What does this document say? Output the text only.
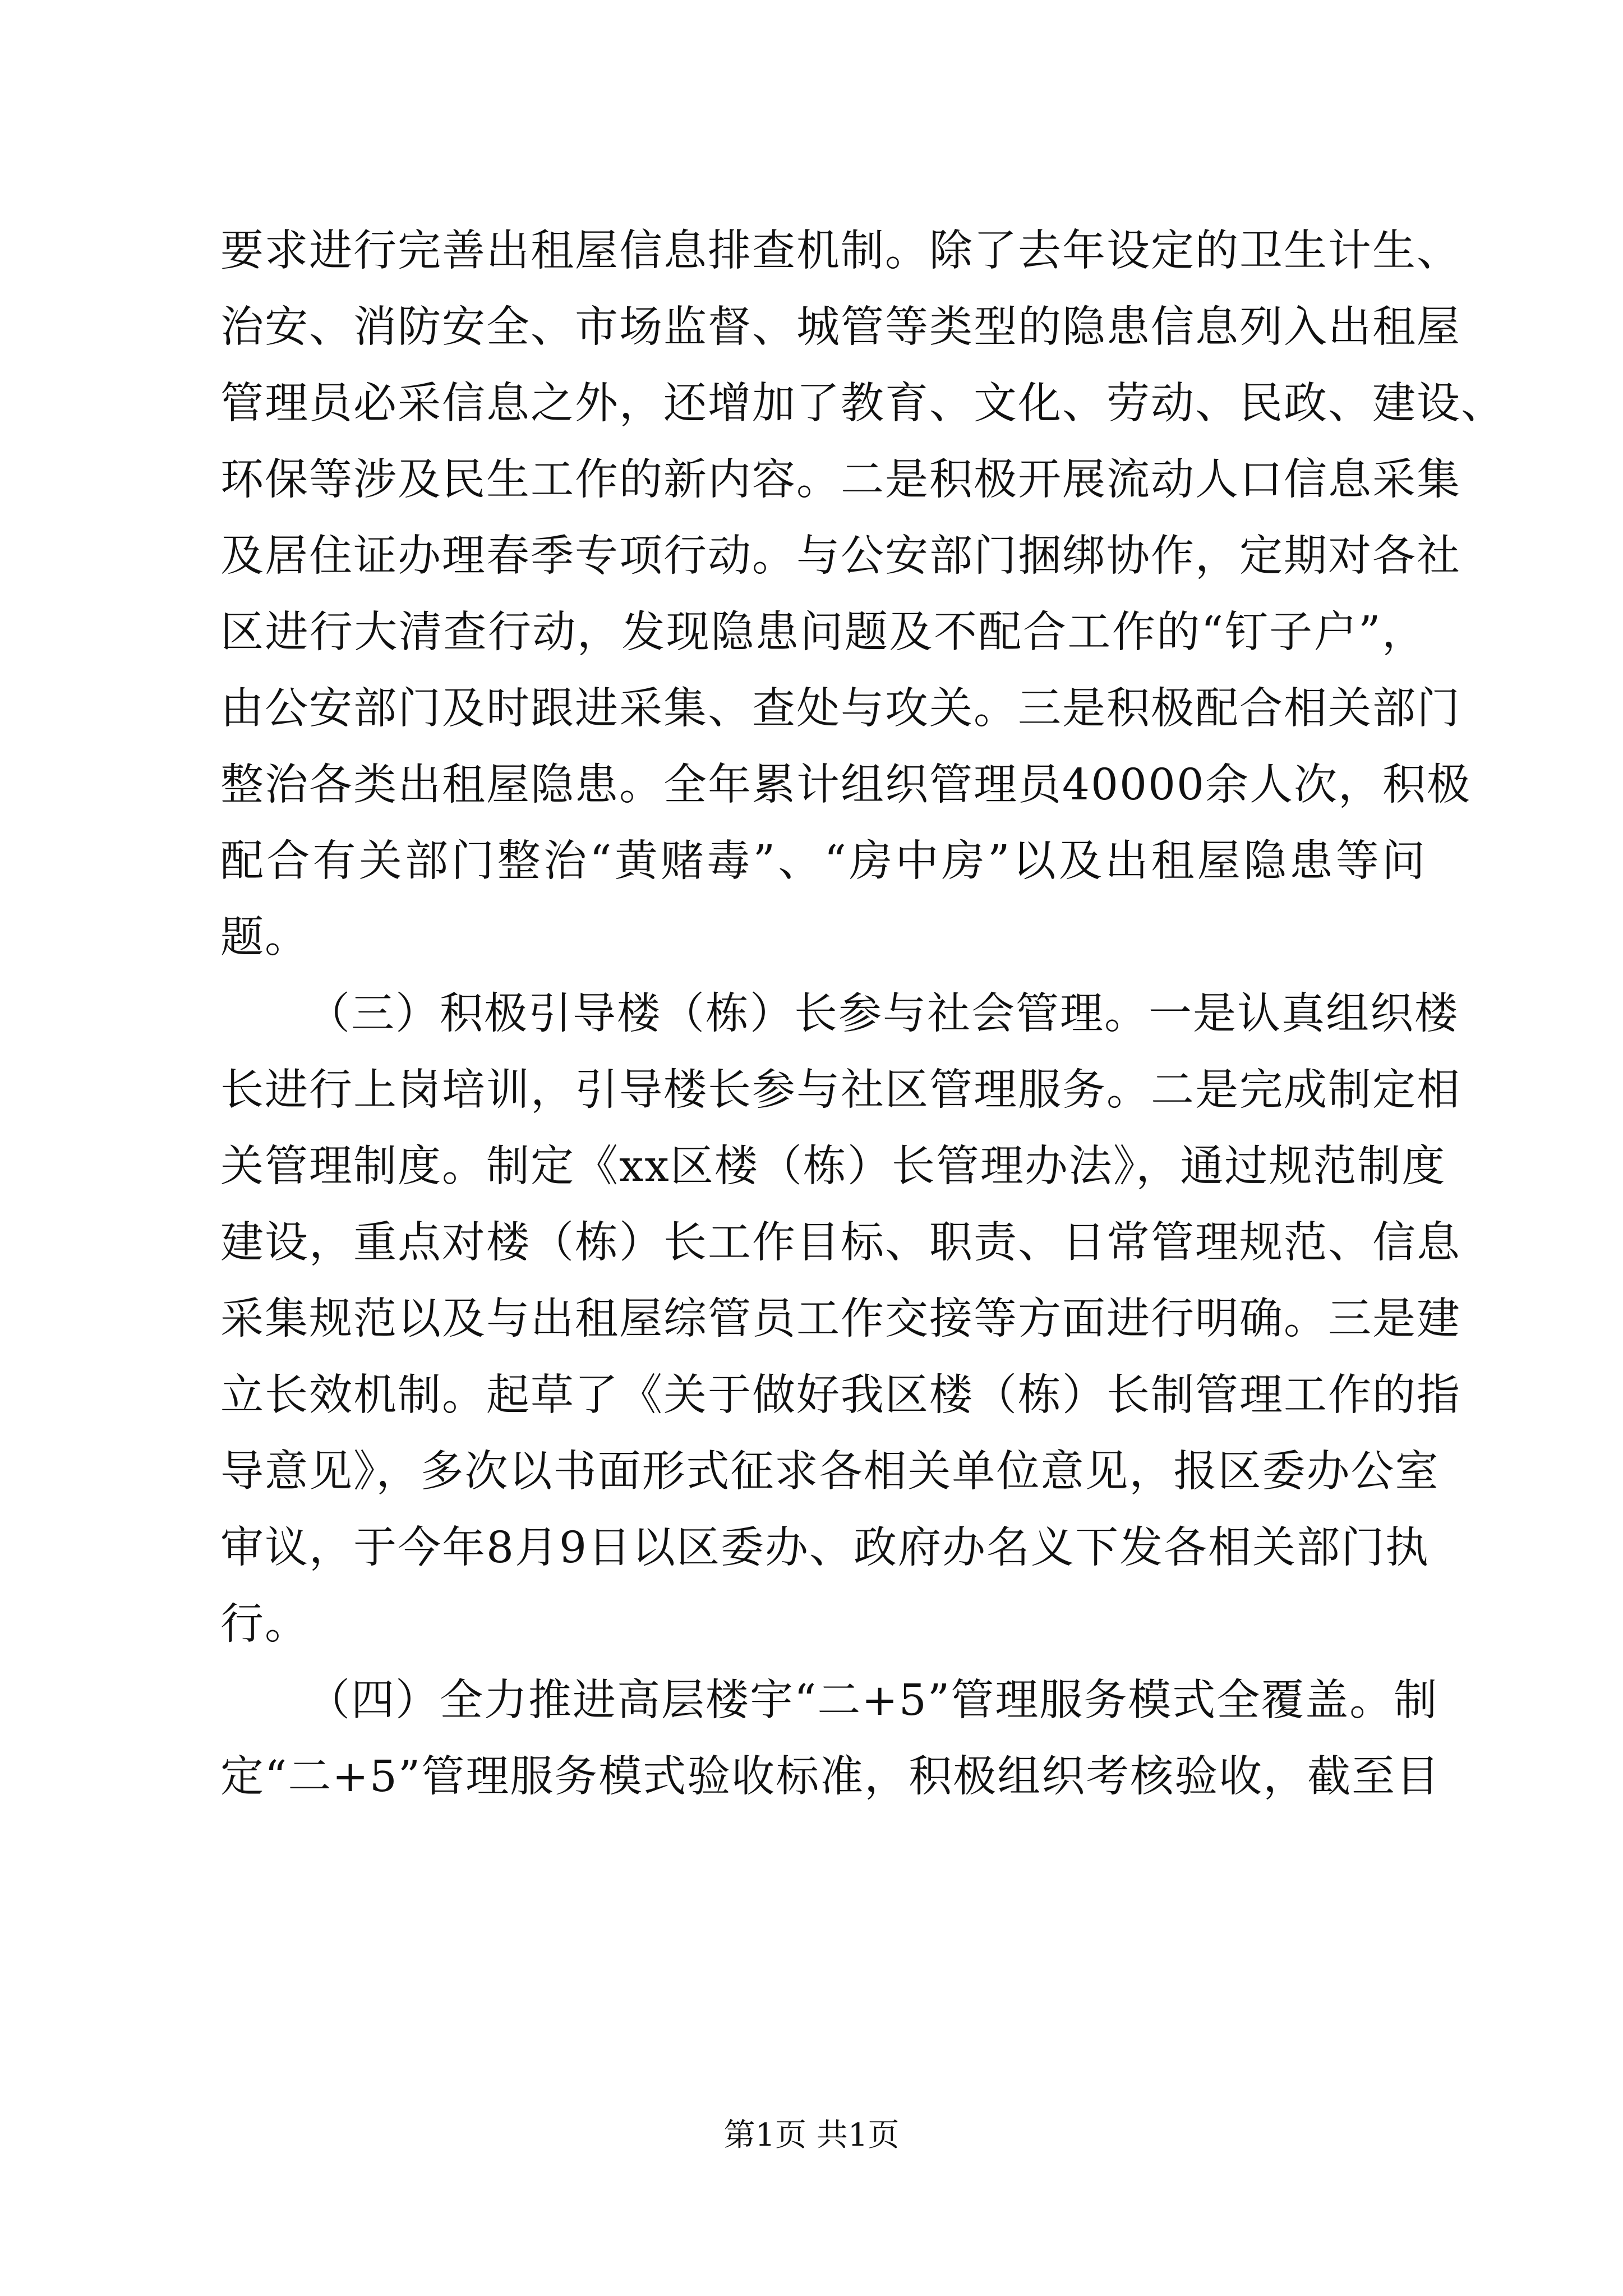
要求进行完善出租屋信息排查机制。除了去年设定的卫生计生、
治安、消防安全、市场监督、城管等类型的隐患信息列入出租屋
管理员必采信息之外，还增加了教育、文化、劳动、民政、建设、
环保等涉及民生工作的新内容。二是积极开展流动人口信息采集
及居住证办理春季专项行动。与公安部门捆绑协作，定期对各社
区进行大清查行动，发现隐患问题及不配合工作的“钉子户”，
由公安部门及时跟进采集、查处与攻关。三是积极配合相关部门
整治各类出租屋隐患。全年累计组织管理员40000余人次，积极
配合有关部门整治“黄赌毒”、“房中房”以及出租屋隐患等问
题。
（三）积极引导楼（栋）长参与社会管理。一是认真组织楼
长进行上岗培训，引导楼长参与社区管理服务。二是完成制定相
关管理制度。制定《xx区楼（栋）长管理办法》，通过规范制度
建设，重点对楼（栋）长工作目标、职责、日常管理规范、信息
采集规范以及与出租屋综管员工作交接等方面进行明确。三是建
立长效机制。起草了《关于做好我区楼（栋）长制管理工作的指
导意见》，多次以书面形式征求各相关单位意见，报区委办公室
审议，于今年8月9日以区委办、政府办名义下发各相关部门执
行。
（四）全力推进高层楼宇“二+5”管理服务模式全覆盖。制
定“二+5”管理服务模式验收标准，积极组织考核验收，截至目
第1页 共1页
